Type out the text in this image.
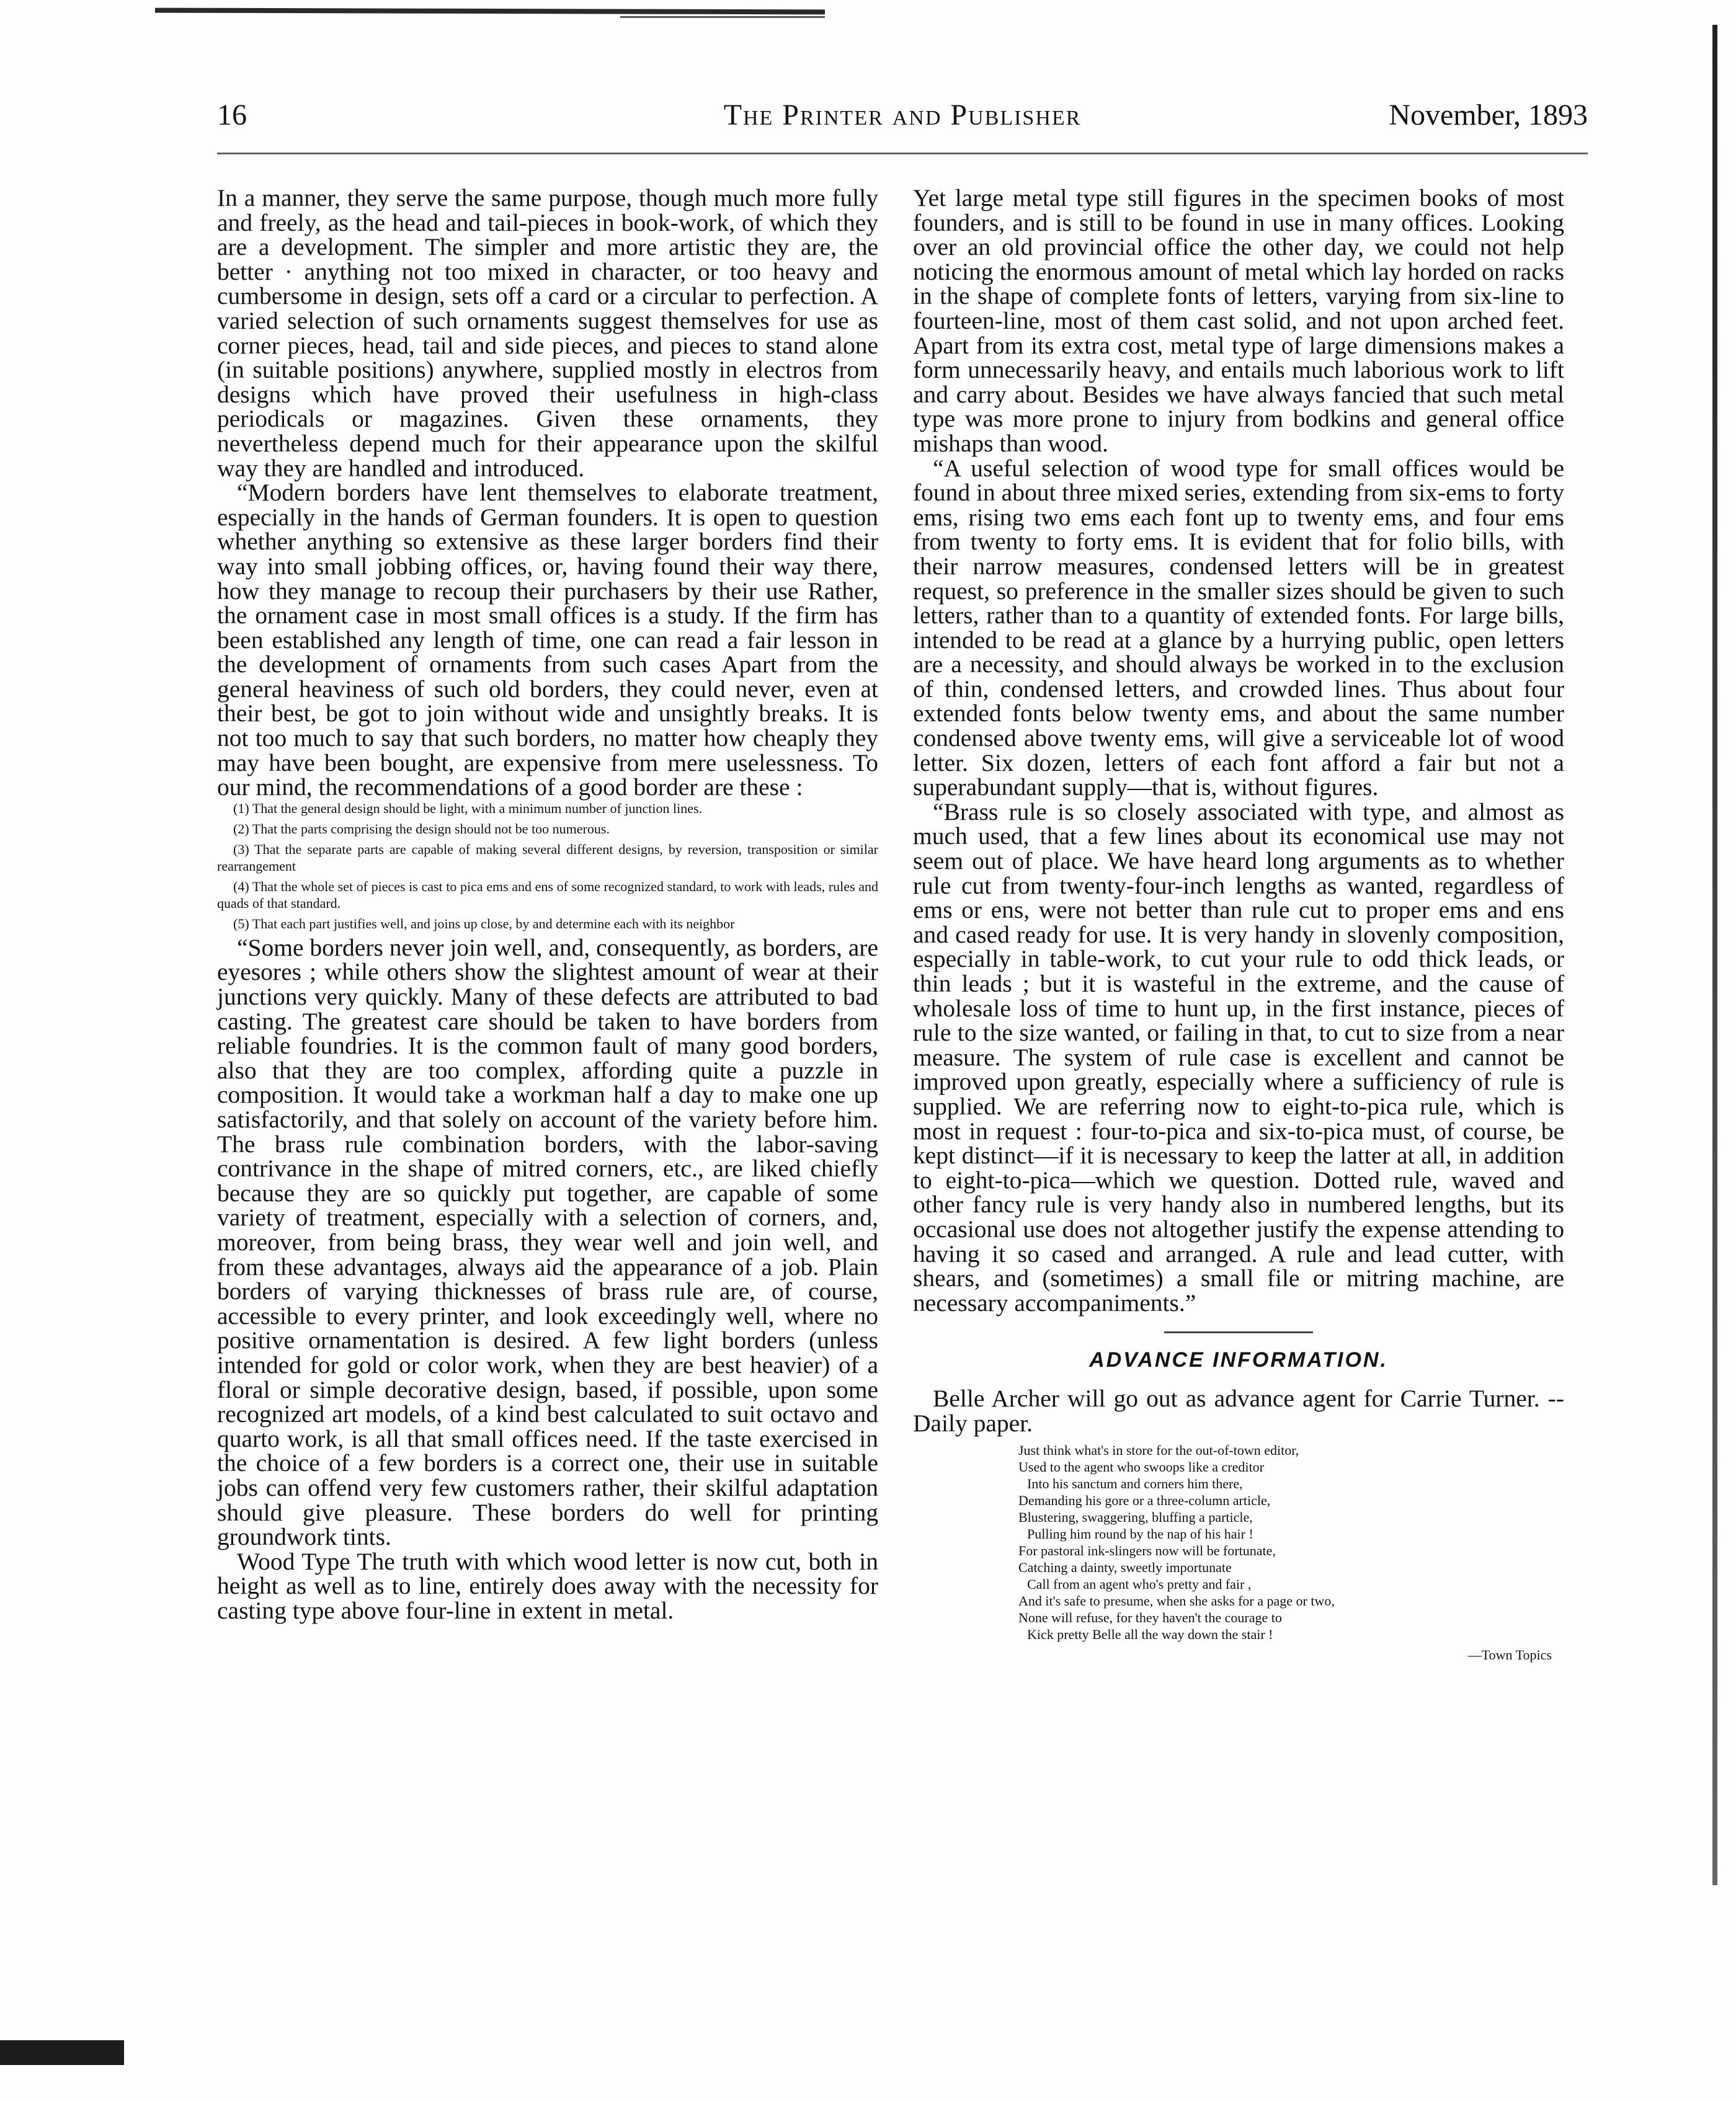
16	The Printer and Publisher	November, 1893

In a manner, they serve the same purpose, though much more fully and freely, as the head and tail-pieces in book-work, of which they are a development. The simpler and more artistic they are, the better · anything not too mixed in character, or too heavy and cumbersome in design, sets off a card or a circular to perfection. A varied selection of such ornaments suggest themselves for use as corner pieces, head, tail and side pieces, and pieces to stand alone (in suitable positions) anywhere, supplied mostly in electros from designs which have proved their usefulness in high-class periodicals or magazines. Given these ornaments, they nevertheless depend much for their appearance upon the skilful way they are handled and introduced.

“Modern borders have lent themselves to elaborate treatment, especially in the hands of German founders. It is open to question whether anything so extensive as these larger borders find their way into small jobbing offices, or, having found their way there, how they manage to recoup their purchasers by their use Rather, the ornament case in most small offices is a study. If the firm has been established any length of time, one can read a fair lesson in the development of ornaments from such cases Apart from the general heaviness of such old borders, they could never, even at their best, be got to join without wide and unsightly breaks. It is not too much to say that such borders, no matter how cheaply they may have been bought, are expensive from mere uselessness. To our mind, the recommendations of a good border are these :

(1) That the general design should be light, with a minimum number of junction lines.
(2) That the parts comprising the design should not be too numerous.
(3) That the separate parts are capable of making several different designs, by reversion, transposition or similar rearrangement
(4) That the whole set of pieces is cast to pica ems and ens of some recognized standard, to work with leads, rules and quads of that standard.
(5) That each part justifies well, and joins up close, by and determine each with its neighbor

“Some borders never join well, and, consequently, as borders, are eyesores ; while others show the slightest amount of wear at their junctions very quickly. Many of these defects are attributed to bad casting. The greatest care should be taken to have borders from reliable foundries. It is the common fault of many good borders, also that they are too complex, affording quite a puzzle in composition. It would take a workman half a day to make one up satisfactorily, and that solely on account of the variety before him. The brass rule combination borders, with the labor-saving contrivance in the shape of mitred corners, etc., are liked chiefly because they are so quickly put together, are capable of some variety of treatment, especially with a selection of corners, and, moreover, from being brass, they wear well and join well, and from these advantages, always aid the appearance of a job. Plain borders of varying thicknesses of brass rule are, of course, accessible to every printer, and look exceedingly well, where no positive ornamentation is desired. A few light borders (unless intended for gold or color work, when they are best heavier) of a floral or simple decorative design, based, if possible, upon some recognized art models, of a kind best calculated to suit octavo and quarto work, is all that small offices need. If the taste exercised in the choice of a few borders is a correct one, their use in suitable jobs can offend very few customers rather, their skilful adaptation should give pleasure. These borders do well for printing groundwork tints.

Wood Type The truth with which wood letter is now cut, both in height as well as to line, entirely does away with the necessity for casting type above four-line in extent in metal.

Yet large metal type still figures in the specimen books of most founders, and is still to be found in use in many offices. Looking over an old provincial office the other day, we could not help noticing the enormous amount of metal which lay horded on racks in the shape of complete fonts of letters, varying from six-line to fourteen-line, most of them cast solid, and not upon arched feet. Apart from its extra cost, metal type of large dimensions makes a form unnecessarily heavy, and entails much laborious work to lift and carry about. Besides we have always fancied that such metal type was more prone to injury from bodkins and general office mishaps than wood.

“A useful selection of wood type for small offices would be found in about three mixed series, extending from six-ems to forty ems, rising two ems each font up to twenty ems, and four ems from twenty to forty ems. It is evident that for folio bills, with their narrow measures, condensed letters will be in greatest request, so preference in the smaller sizes should be given to such letters, rather than to a quantity of extended fonts. For large bills, intended to be read at a glance by a hurrying public, open letters are a necessity, and should always be worked in to the exclusion of thin, condensed letters, and crowded lines. Thus about four extended fonts below twenty ems, and about the same number condensed above twenty ems, will give a serviceable lot of wood letter. Six dozen, letters of each font afford a fair but not a superabundant supply—that is, without figures.

“Brass rule is so closely associated with type, and almost as much used, that a few lines about its economical use may not seem out of place. We have heard long arguments as to whether rule cut from twenty-four-inch lengths as wanted, regardless of ems or ens, were not better than rule cut to proper ems and ens and cased ready for use. It is very handy in slovenly composition, especially in table-work, to cut your rule to odd thick leads, or thin leads ; but it is wasteful in the extreme, and the cause of wholesale loss of time to hunt up, in the first instance, pieces of rule to the size wanted, or failing in that, to cut to size from a near measure. The system of rule case is excellent and cannot be improved upon greatly, especially where a sufficiency of rule is supplied. We are referring now to eight-to-pica rule, which is most in request : four-to-pica and six-to-pica must, of course, be kept distinct—if it is necessary to keep the latter at all, in addition to eight-to-pica—which we question. Dotted rule, waved and other fancy rule is very handy also in numbered lengths, but its occasional use does not altogether justify the expense attending to having it so cased and arranged. A rule and lead cutter, with shears, and (sometimes) a small file or mitring machine, are necessary accompaniments.”

ADVANCE INFORMATION.

Belle Archer will go out as advance agent for Carrie Turner. --Daily paper.

Just think what's in store for the out-of-town editor,
Used to the agent who swoops like a creditor
Into his sanctum and corners him there,
Demanding his gore or a three-column article,
Blustering, swaggering, bluffing a particle,
Pulling him round by the nap of his hair !
For pastoral ink-slingers now will be fortunate,
Catching a dainty, sweetly importunate
Call from an agent who's pretty and fair ,
And it's safe to presume, when she asks for a page or two,
None will refuse, for they haven't the courage to
Kick pretty Belle all the way down the stair !
—Town Topics
